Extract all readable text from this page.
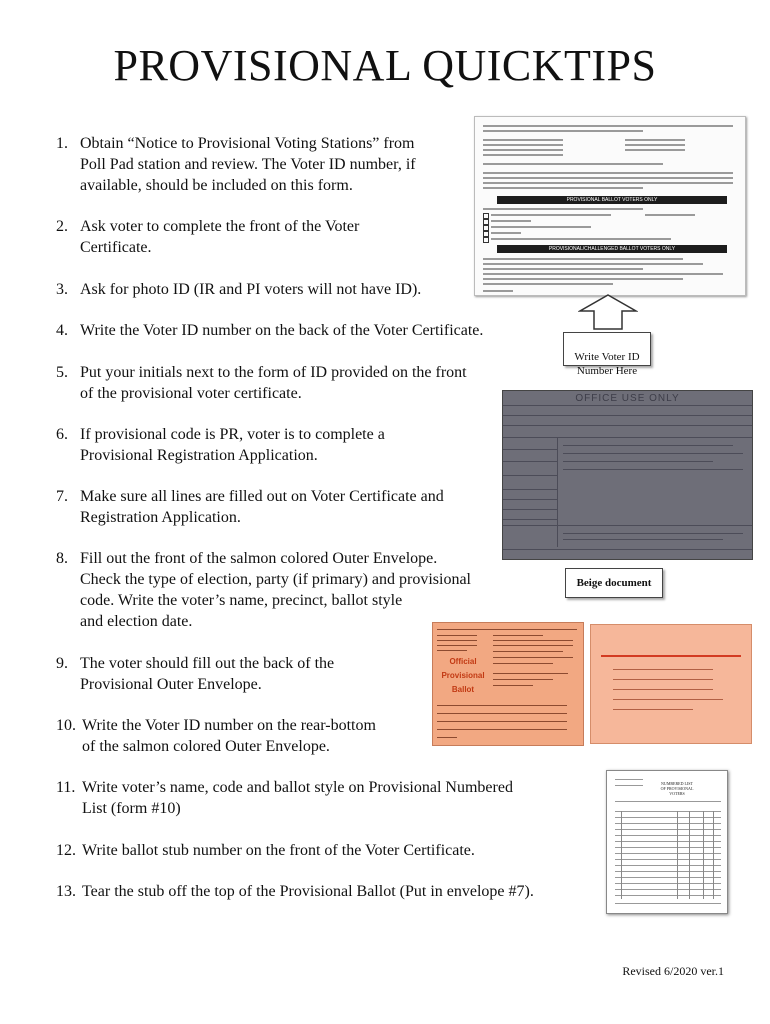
PROVISIONAL QUICKTIPS
1. Obtain “Notice to Provisional Voting Stations” from
Poll Pad station and review. The Voter ID number, if
available, should be included on this form.
2. Ask voter to complete the front of the Voter
Certificate.
3. Ask for photo ID (IR and PI voters will not have ID).
4. Write the Voter ID number on the back of the Voter Certificate.
5. Put your initials next to the form of ID provided on the front
of the provisional voter certificate.
6. If provisional code is PR, voter is to complete a
Provisional Registration Application.
7. Make sure all lines are filled out on Voter Certificate and
Registration Application.
8. Fill out the front of the salmon colored Outer Envelope.
Check the type of election, party (if primary) and provisional
code. Write the voter’s name, precinct, ballot style
and election date.
9. The voter should fill out the back of the
Provisional Outer Envelope.
10. Write the Voter ID number on the rear-bottom
of the salmon colored Outer Envelope.
11. Write voter’s name, code and ballot style on Provisional Numbered
List (form #10)
12. Write ballot stub number on the front of the Voter Certificate.
13. Tear the stub off the top of the Provisional Ballot (Put in envelope #7).
PROVISIONAL BALLOT VOTERS ONLY
PROVISIONAL/CHALLENGED BALLOT VOTERS ONLY

Write Voter ID
Number Here

OFFICE USE ONLY
Beige document
Official
Provisional
Ballot
NUMBERED LIST
OF PROVISIONAL
VOTERS
Revised 6/2020 ver.1
